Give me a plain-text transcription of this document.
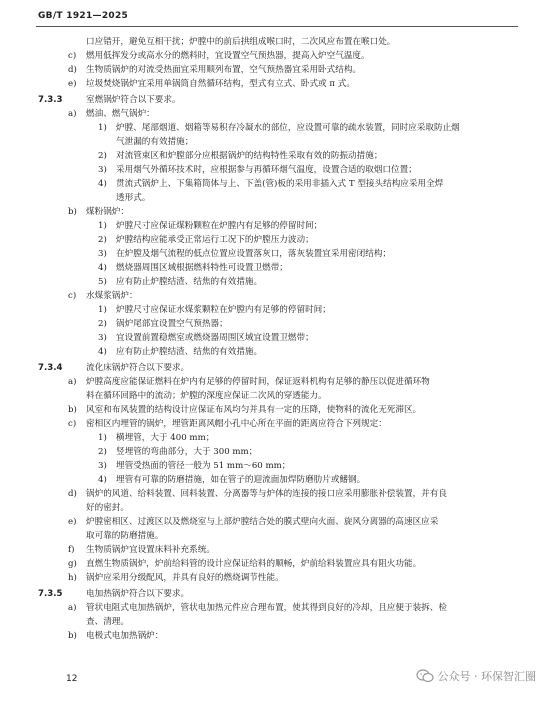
GB/T 1921—2025
口应错开，避免互相干扰；炉膛中的前后拱组成喉口时，二次风应布置在喉口处。
c) 燃用低挥发分或高水分的燃料时，宜设置空气预热器，提高入炉空气温度。
d) 生物质锅炉的对流受热面宜采用顺列布置，空气预热器宜采用卧式结构。
e) 垃圾焚烧锅炉宜采用单锅筒自然循环结构，型式有立式、卧式或 π 式。
7.3.3	室燃锅炉符合以下要求。
a) 燃油、燃气锅炉：
1) 炉膛、尾部烟道、烟箱等易积存冷凝水的部位，应设置可靠的疏水装置，同时应采取防止烟
气泄漏的有效措施；
2) 对流管束区和炉膛部分应根据锅炉的结构特性采取有效的防振动措施；
3) 采用烟气外循环技术时，应根据参与再循环烟气温度，设置合适的取烟口位置；
4) 贯流式锅炉上、下集箱筒体与上、下盖(管)板的采用非插入式 T 型接头结构应采用全焊
透形式。
b) 煤粉锅炉：
1) 炉膛尺寸应保证煤粉颗粒在炉膛内有足够的停留时间；
2) 炉膛结构应能承受正常运行工况下的炉膛压力波动；
3) 在炉膛及烟气流程的低点位置应设置落灰口，落灰装置宜采用密闭结构；
4) 燃烧器周围区域根据燃料特性可设置卫燃带；
5) 应有防止炉膛结渣、结焦的有效措施。
c) 水煤浆锅炉：
1) 炉膛尺寸应保证水煤浆颗粒在炉膛内有足够的停留时间；
2) 锅炉尾部宜设置空气预热器；
3) 宜设置前置稳燃室或燃烧器周围区域宜设置卫燃带；
4) 应有防止炉膛结渣、结焦的有效措施。
7.3.4	流化床锅炉符合以下要求。
a) 炉膛高度应能保证燃料在炉内有足够的停留时间，保证返料机构有足够的静压以促进循环物
料在循环回路中的流动；炉膛的深度应保证二次风的穿透能力。
b) 风室和布风装置的结构设计应保证布风均匀并具有一定的压降，使物料的流化无死滞区。
c) 密相区内埋管的锅炉，埋管距离风帽小孔中心所在平面的距离应符合下列规定：
1) 横埋管，大于 400 mm；
2) 竖埋管的弯曲部分，大于 300 mm；
3) 埋管受热面的管径一般为 51 mm～60 mm；
4) 埋管有可靠的防磨措施，如在管子的迎流面加焊防磨肋片或鳍钢。
d) 锅炉的风道、给料装置、回料装置、分离器等与炉体的连接的接口应采用膨胀补偿装置，并有良
好的密封。
e) 炉膛密相区、过渡区以及燃烧室与上部炉膛结合处的膜式壁向火面、旋风分离器的高速区应采
取可靠的防磨措施。
f) 生物质锅炉宜设置床料补充系统。
g) 直燃生物质锅炉，炉前给料管的设计应保证给料的顺畅，炉前给料装置应具有阻火功能。
h) 锅炉应采用分级配风，并具有良好的燃烧调节性能。
7.3.5	电加热锅炉符合以下要求。
a) 管状电阻式电加热锅炉，管状电加热元件应合理布置，使其得到良好的冷却，且应便于装拆、检
查、清理。
b) 电极式电加热锅炉：
12	公众号 · 环保智汇圈
